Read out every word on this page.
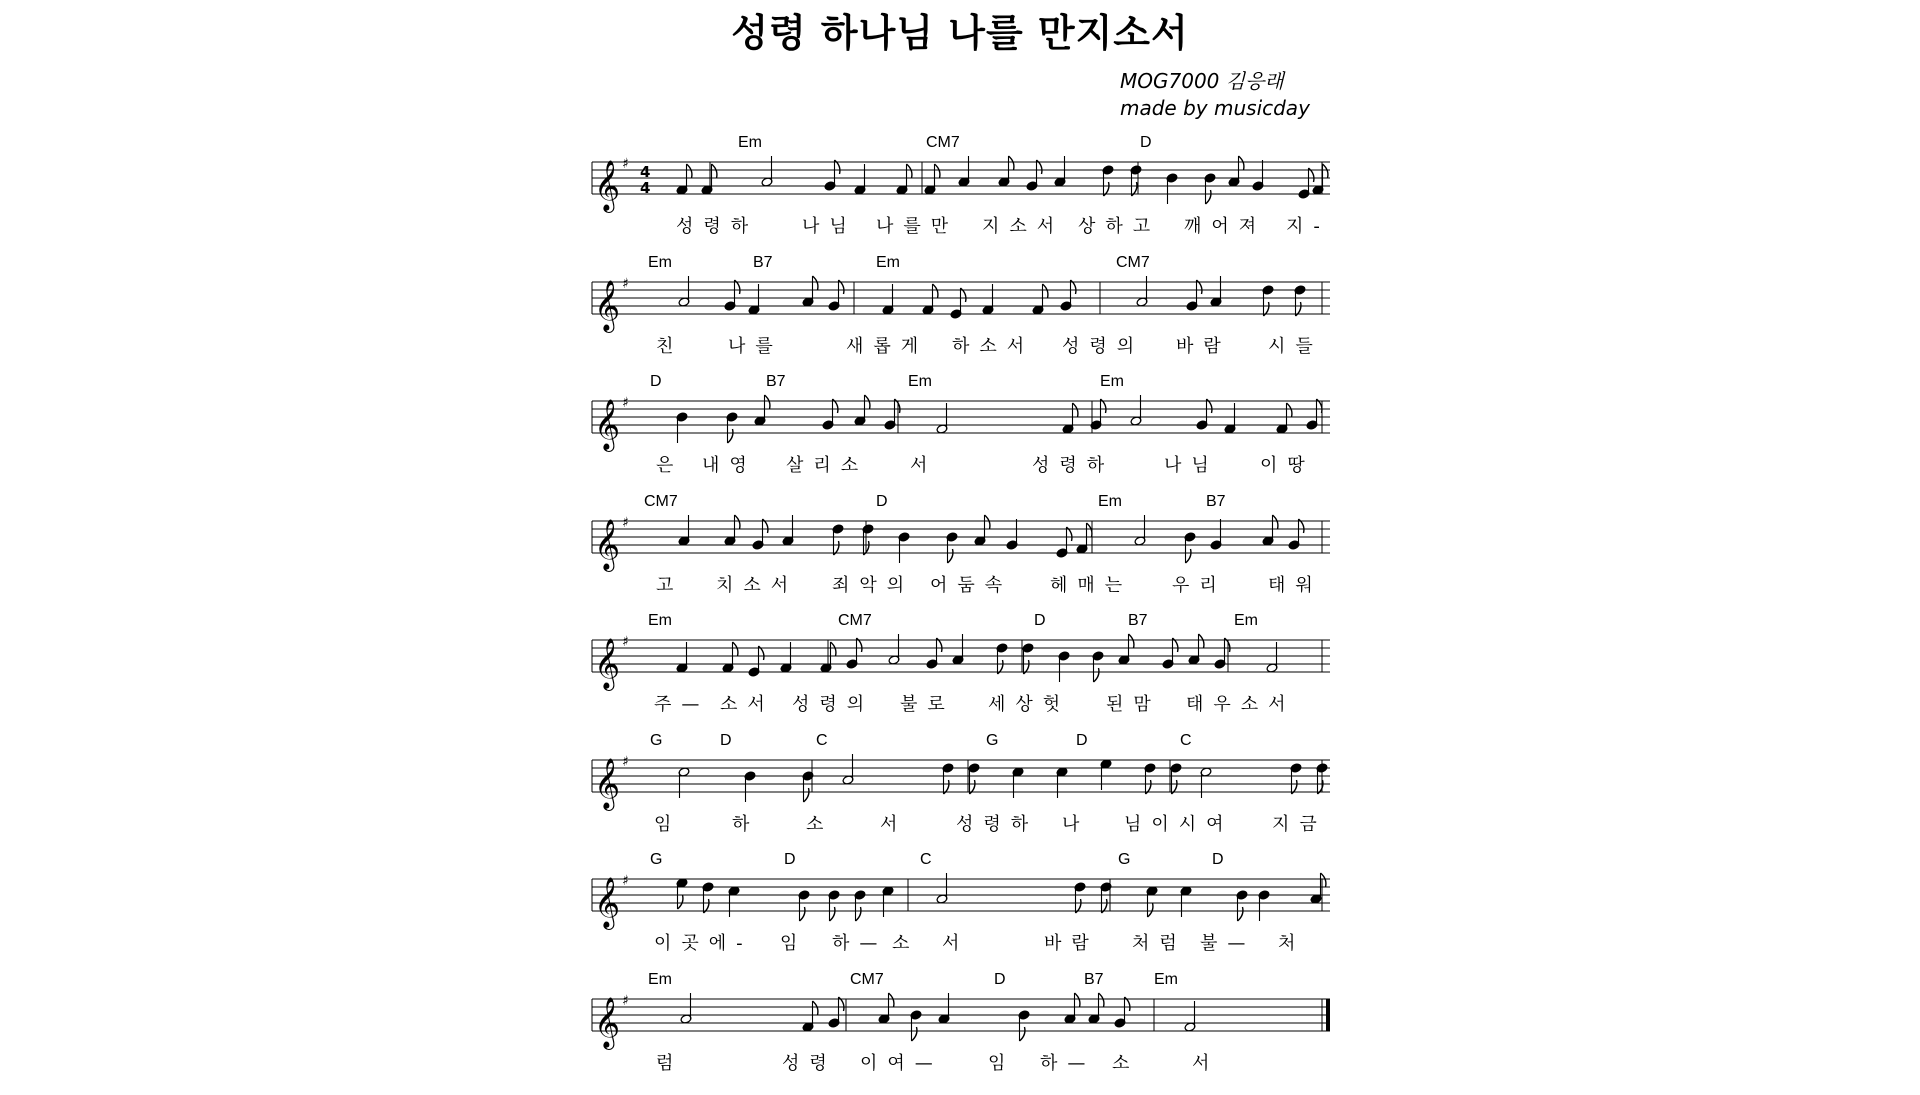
성령 하나님 나를 만지소서
MOG7000 김응래
made by musicday
𝄞 ♯ 4
4
Em	CM7	D
성령하 나님 나를만 지소서 상하고 깨어져 지-
𝄞 ♯
Em	B7	Em	CM7
친 나를	새롭게 하소서 성령의 바람 시들
𝄞 ♯
D	B7	Em	Em
은 내영 살리소 서	성령하	나님 이땅
𝄞 ♯
CM7	D	Em	B7
고 치소서 죄악의 어둠속 헤매는 우리 태워
𝄞 ♯
Em	CM7	D	B7	Em
주— 소서 성령의 불로 세상헛 된맘 태우소서
𝄞 ♯
G	D	C	G	D	C
임	하	소	서	성령하 나 님이시여 지금
𝄞 ♯
G	D	C	G	D
이곳에- 임 하— 소 서	바람 처럼 불— 처
𝄞 ♯
Em	CM7	D	B7	Em
럼	성령 이여—	임 하— 소	서
